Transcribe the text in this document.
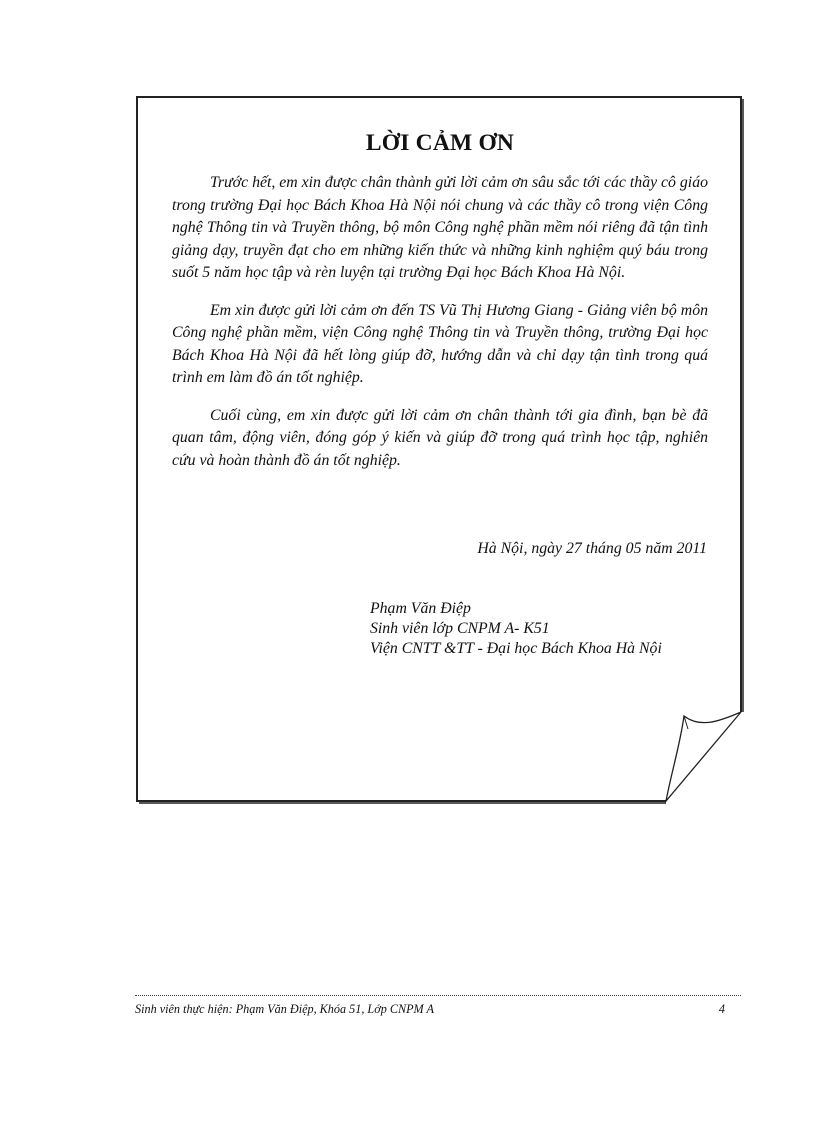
LỜI CẢM ƠN

Trước hết, em xin được chân thành gửi lời cảm ơn sâu sắc tới các thầy cô giáo trong trường Đại học Bách Khoa Hà Nội nói chung và các thầy cô trong viện Công nghệ Thông tin và Truyền thông, bộ môn Công nghệ phần mềm nói riêng đã tận tình giảng dạy, truyền đạt cho em những kiến thức và những kinh nghiệm quý báu trong suốt 5 năm học tập và rèn luyện tại trường Đại học Bách Khoa Hà Nội.

Em xin được gửi lời cảm ơn đến TS Vũ Thị Hương Giang - Giảng viên bộ môn Công nghệ phần mềm, viện Công nghệ Thông tin và Truyền thông, trường Đại học Bách Khoa Hà Nội đã hết lòng giúp đỡ, hướng dẫn và chỉ dạy tận tình trong quá trình em làm đồ án tốt nghiệp.

Cuối cùng, em xin được gửi lời cảm ơn chân thành tới gia đình, bạn bè đã quan tâm, động viên, đóng góp ý kiến và giúp đỡ trong quá trình học tập, nghiên cứu và hoàn thành đồ án tốt nghiệp.

Hà Nội, ngày 27 tháng 05 năm 2011
Phạm Văn Điệp
Sinh viên lớp CNPM A- K51
Viện CNTT &TT - Đại học Bách Khoa Hà Nội
Sinh viên thực hiện: Phạm Văn Điệp, Khóa 51, Lớp CNPM A	4
